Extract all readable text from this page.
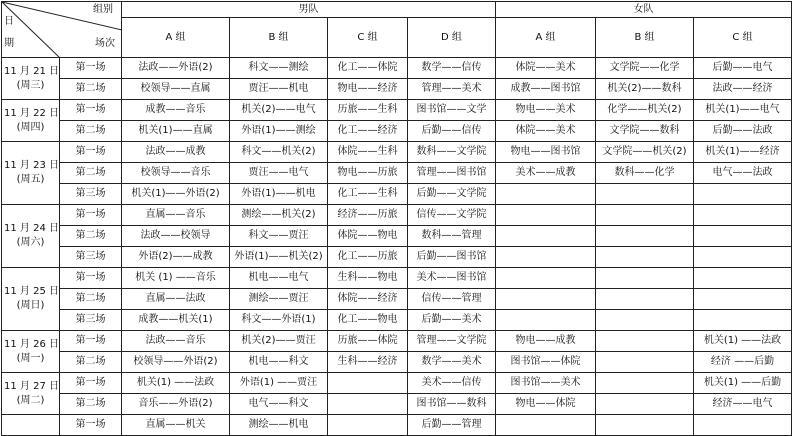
组别
日
期 场次		男队				女队		
		A 组	B 组	C 组	D 组	A 组	B 组	C 组

11 月 21 日
(周三)	第一场	法政——外语(2)	科文——测绘	化工——体院	数学——信传	体院——美术	文学院——化学	后勤——电气
	第二场	校领导——直属	贾汪——机电	物电——经济	管理——美术	成教——图书馆	机关(2)——数科	法政——经济

11 月 22 日
(周四)	第一场	成教——音乐	机关(2)——电气	历旅——生科	图书馆——文学	物电——美术	化学——机关(2)	机关(1)——电气
	第二场	机关(1)——直属	外语(1)——测绘	化工——经济	后勤——信传	体院——美术	文学院——数科	后勤——法政

11 月 23 日
(周五)	第一场	法政——成教	科文——机关(2)	体院——生科	数科——文学院	物电——图书馆	文学院——机关(2)	机关(1)——经济
	第二场	校领导——音乐	贾汪——电气	物电——历旅	管理——图书馆	美术——成教	数科——化学	电气——法政
	第三场	机关(1)——外语(2)	外语(1)——机电	化工——生科	后勤——文学院			

11 月 24 日
(周六)	第一场	直属——音乐	测绘——机关(2)	经济——历旅	信传——文学院			
	第二场	法政——校领导	科文——贾汪	体院——物电	数科——管理			
	第三场	外语(2)——成教	外语(1)——机关(2)	化工——历旅	后勤——图书馆			

11 月 25 日
(周日)	第一场	机关 (1) ——音乐	机电——电气	生科——物电	美术——图书馆			
	第二场	直属——法政	测绘——贾汪	体院——经济	信传——管理			
	第三场	成教——机关(1)	科文——外语(1)	化工——物电	后勤——美术			

11 月 26 日
(周一)	第一场	法政——音乐	机关(2)——贾汪	历旅——体院	管理——文学院	物电——成教		机关(1) ——法政
	第二场	校领导——外语(2)	机电——科文	生科——经济	数学——美术	图书馆——体院		经济 ——后勤

11 月 27 日
(周二)	第一场	机关(1) ——法政	外语(1) ——贾汪		美术——信传	图书馆——美术		机关(1) ——后勤
	第二场	音乐——外语(2)	电气——科文		图书馆——数科	物电——体院		经济——电气

	第一场	直属——机关	测绘——机电		后勤——管理			
